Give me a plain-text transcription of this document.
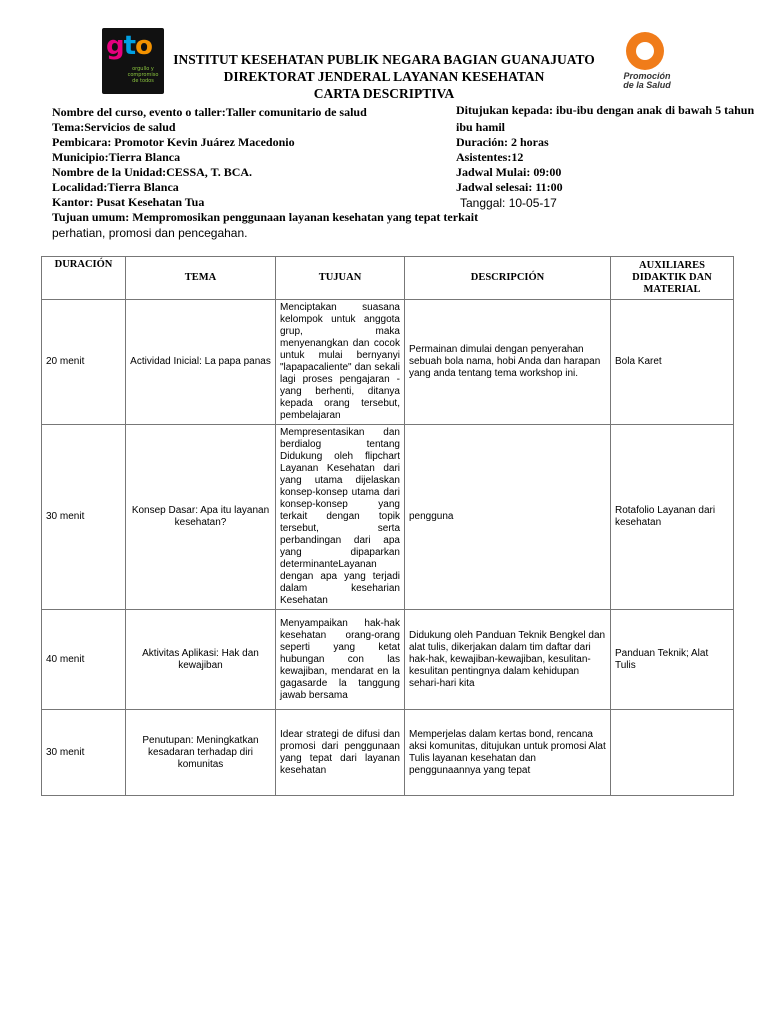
gto
orgullo y compromiso de todos	Promoción
de la Salud
INSTITUT KESEHATAN PUBLIK NEGARA BAGIAN GUANAJUATO
DIREKTORAT JENDERAL LAYANAN KESEHATAN
CARTA DESCRIPTIVA
Nombre del curso, evento o taller:Taller comunitario de salud
Tema:Servicios de salud
Pembicara: Promotor Kevin Juárez Macedonio
Municipio:Tierra Blanca
Nombre de la Unidad:CESSA, T. BCA.
Localidad:Tierra Blanca
Kantor: Pusat Kesehatan Tua
Tujuan umum: Mempromosikan penggunaan layanan kesehatan yang tepat terkait
perhatian, promosi dan pencegahan.
Ditujukan kepada: ibu-ibu dengan anak di bawah 5 tahun
ibu hamil
Duración: 2 horas
Asistentes:12
Jadwal Mulai: 09:00
Jadwal selesai: 11:00
Tanggal: 10-05-17
DURACIÓN	TEMA	TUJUAN	DESCRIPCIÓN	AUXILIARES DIDAKTIK DAN MATERIAL
20 menit	Actividad Inicial: La papa panas	Menciptakan suasana kelompok untuk anggota grup, maka menyenangkan dan cocok untuk mulai bernyanyi "lapapacaliente" dan sekali lagi proses pengajaran - yang berhenti, ditanya kepada orang tersebut, pembelajaran	Permainan dimulai dengan penyerahan sebuah bola nama, hobi Anda dan harapan yang anda tentang tema workshop ini.	Bola Karet
30 menit	Konsep Dasar: Apa itu layanan kesehatan?	Mempresentasikan dan berdialog tentang Didukung oleh flipchart Layanan Kesehatan dari yang utama dijelaskan konsep-konsep utama dari konsep-konsep yang terkait dengan topik tersebut, serta perbandingan dari apa yang dipaparkan determinanteLayanan dengan apa yang terjadi dalam keseharian Kesehatan	pengguna	Rotafolio Layanan dari kesehatan
40 menit	Aktivitas Aplikasi: Hak dan kewajiban	Menyampaikan hak-hak kesehatan orang-orang seperti yang ketat hubungan con las kewajiban, mendarat en la gagasarde la tanggung jawab bersama	Didukung oleh Panduan Teknik Bengkel dan alat tulis, dikerjakan dalam tim daftar dari hak-hak, kewajiban-kewajiban, kesulitan-kesulitan pentingnya dalam kehidupan sehari-hari kita	Panduan Teknik; Alat Tulis
30 menit	Penutupan: Meningkatkan kesadaran terhadap diri komunitas	Idear strategi de difusi dan promosi dari penggunaan yang tepat dari layanan kesehatan	Memperjelas dalam kertas bond, rencana aksi komunitas, ditujukan untuk promosi Alat Tulis layanan kesehatan dan penggunaannya yang tepat	
